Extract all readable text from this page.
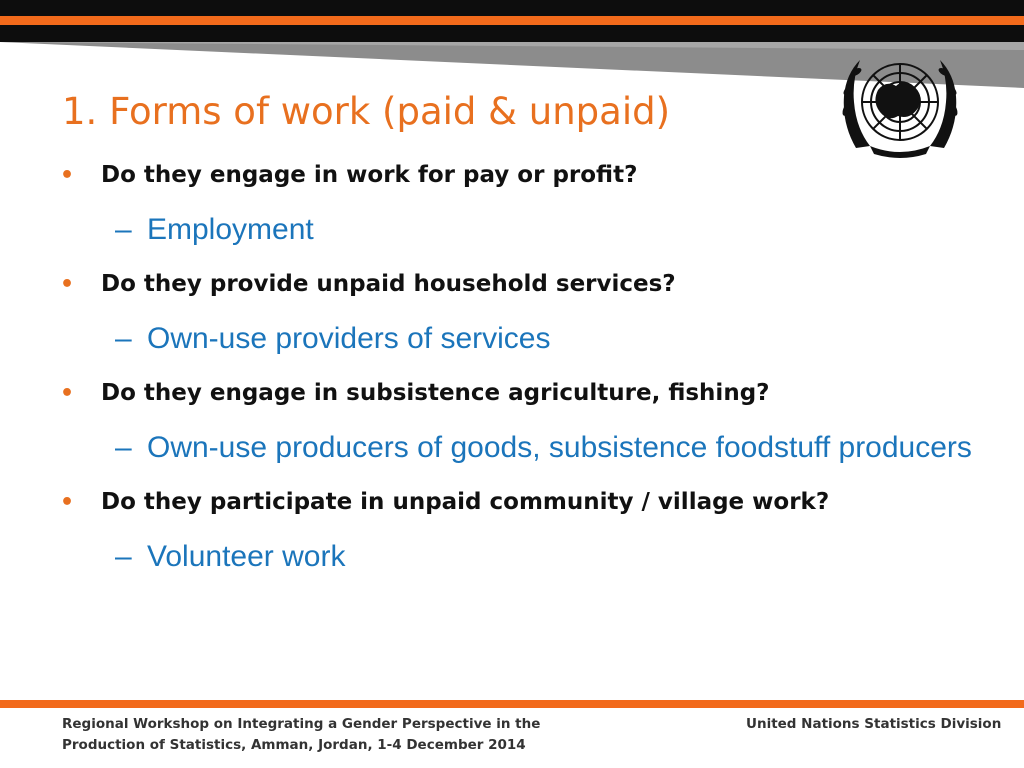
1. Forms of work (paid & unpaid)
• Do they engage in work for pay or profit?
– Employment
• Do they provide unpaid household services?
– Own-use providers of services
• Do they engage in subsistence agriculture, fishing?
– Own-use producers of goods, subsistence foodstuff producers
• Do they participate in unpaid community / village work?
– Volunteer work

Regional Workshop on Integrating a Gender Perspective in the Production of Statistics, Amman, Jordan, 1-4 December 2014

United Nations Statistics Division
